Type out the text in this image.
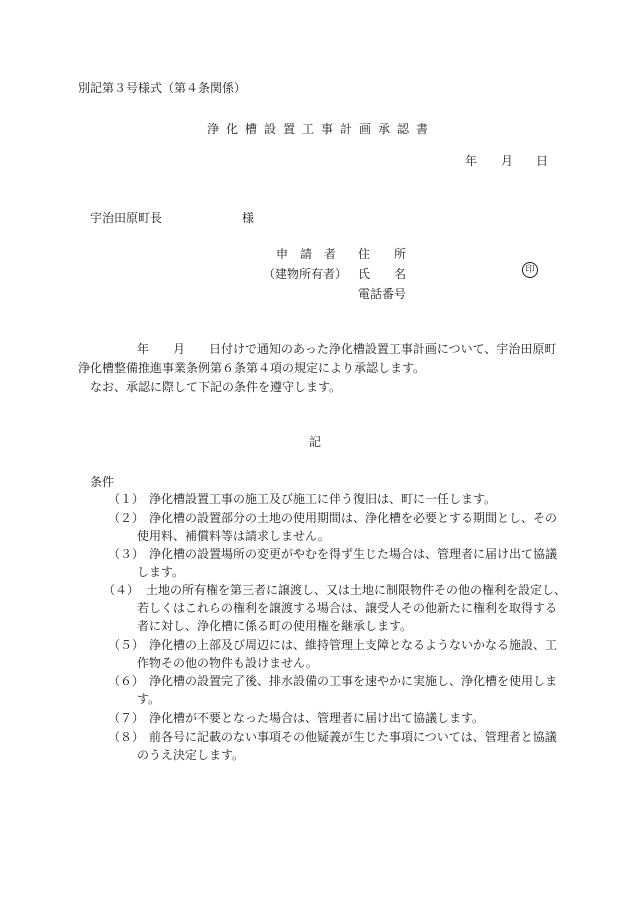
別記第３号様式（第４条関係）
浄化槽設置工事計画承認書
年 月 日
宇治田原町長	様
申　請　者
（建物所有者）
住　　所
氏　　名
電話番号
印
年　　月　　日付けで通知のあった浄化槽設置工事計画について、宇治田原町
浄化槽整備推進事業条例第６条第４項の規定により承認します。
なお、承認に際して下記の条件を遵守します。
記
条件
（１） 浄化槽設置工事の施工及び施工に伴う復旧は、町に一任します。
（２） 浄化槽の設置部分の土地の使用期間は、浄化槽を必要とする期間とし、その
使用料、補償料等は請求しません。
（３） 浄化槽の設置場所の変更がやむを得ず生じた場合は、管理者に届け出て協議
します。
（４） 土地の所有権を第三者に譲渡し、又は土地に制限物件その他の権利を設定し、
若しくはこれらの権利を譲渡する場合は、譲受人その他新たに権利を取得する
者に対し、浄化槽に係る町の使用権を継承します。
（５） 浄化槽の上部及び周辺には、維持管理上支障となるようないかなる施設、工
作物その他の物件も設けません。
（６） 浄化槽の設置完了後、排水設備の工事を速やかに実施し、浄化槽を使用しま
す。
（７） 浄化槽が不要となった場合は、管理者に届け出て協議します。
（８） 前各号に記載のない事項その他疑義が生じた事項については、管理者と協議
のうえ決定します。
